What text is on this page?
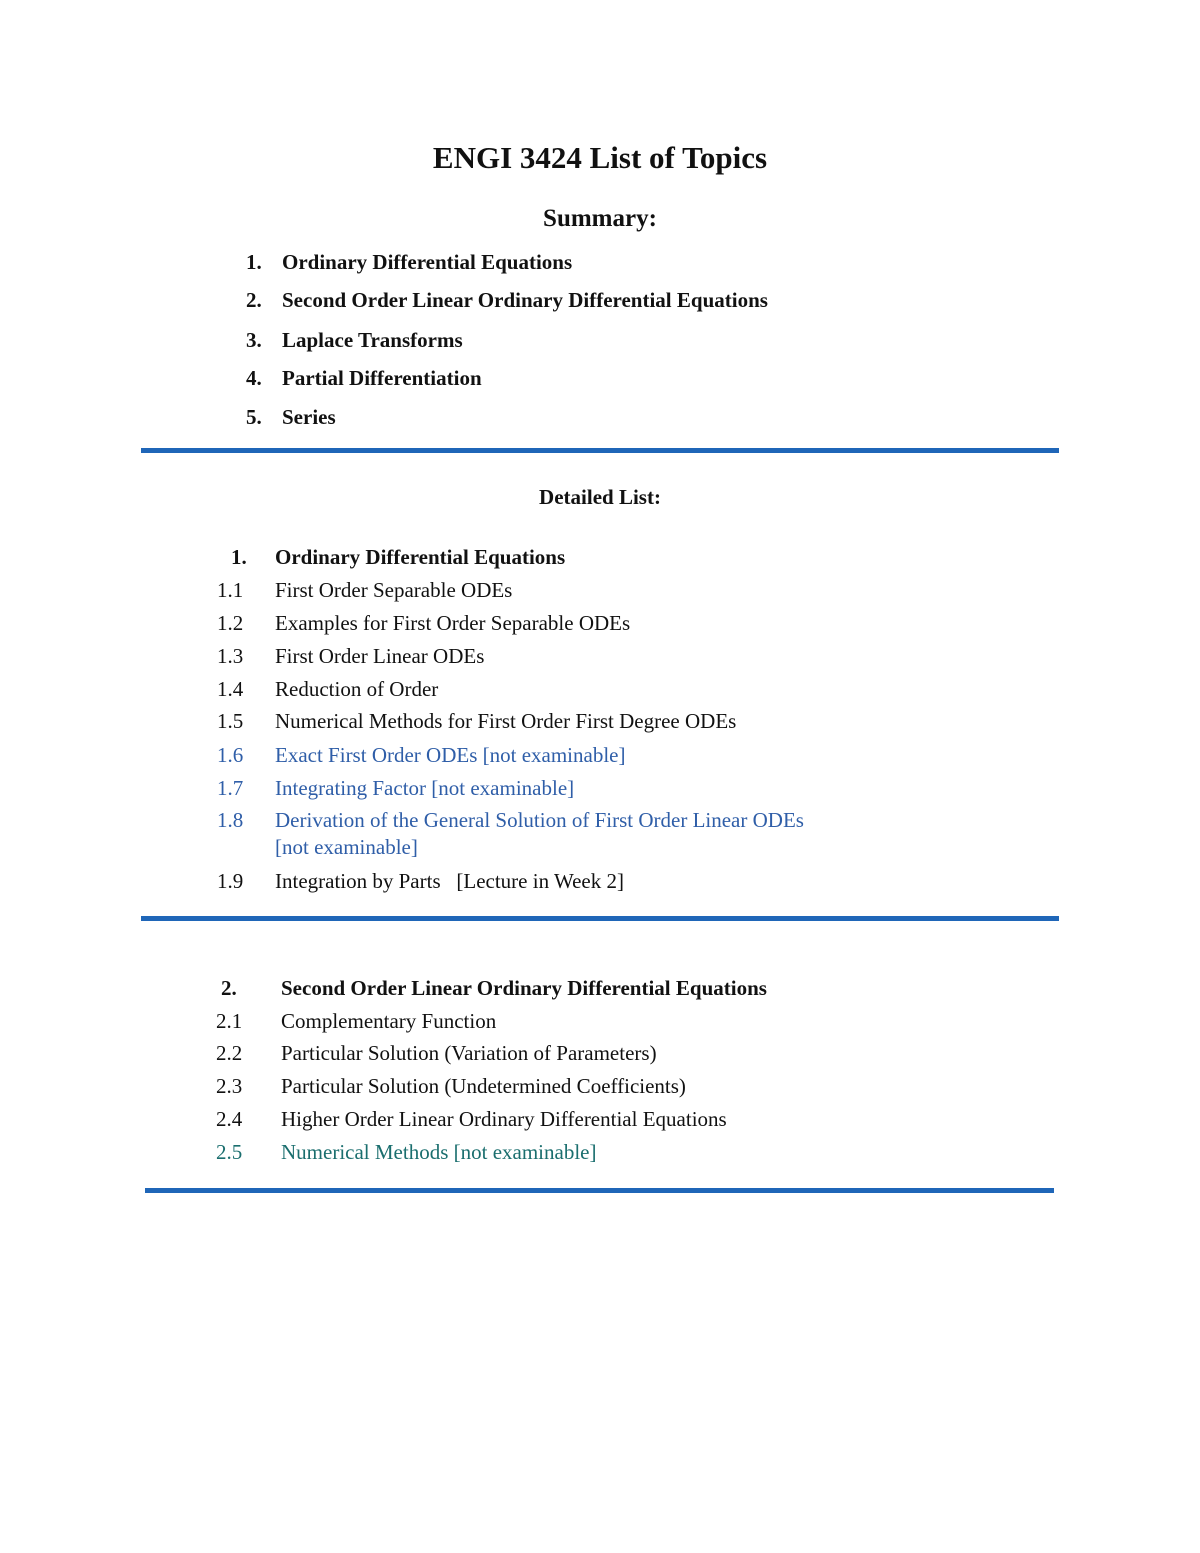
ENGI 3424 List of Topics
Summary:
1. Ordinary Differential Equations
2. Second Order Linear Ordinary Differential Equations
3. Laplace Transforms
4. Partial Differentiation
5. Series
Detailed List:
1. Ordinary Differential Equations
1.1 First Order Separable ODEs
1.2 Examples for First Order Separable ODEs
1.3 First Order Linear ODEs
1.4 Reduction of Order
1.5 Numerical Methods for First Order First Degree ODEs
1.6 Exact First Order ODEs [not examinable]
1.7 Integrating Factor [not examinable]
1.8 Derivation of the General Solution of First Order Linear ODEs
[not examinable]
1.9 Integration by Parts   [Lecture in Week 2]
2. Second Order Linear Ordinary Differential Equations
2.1 Complementary Function
2.2 Particular Solution (Variation of Parameters)
2.3 Particular Solution (Undetermined Coefficients)
2.4 Higher Order Linear Ordinary Differential Equations
2.5 Numerical Methods [not examinable]
